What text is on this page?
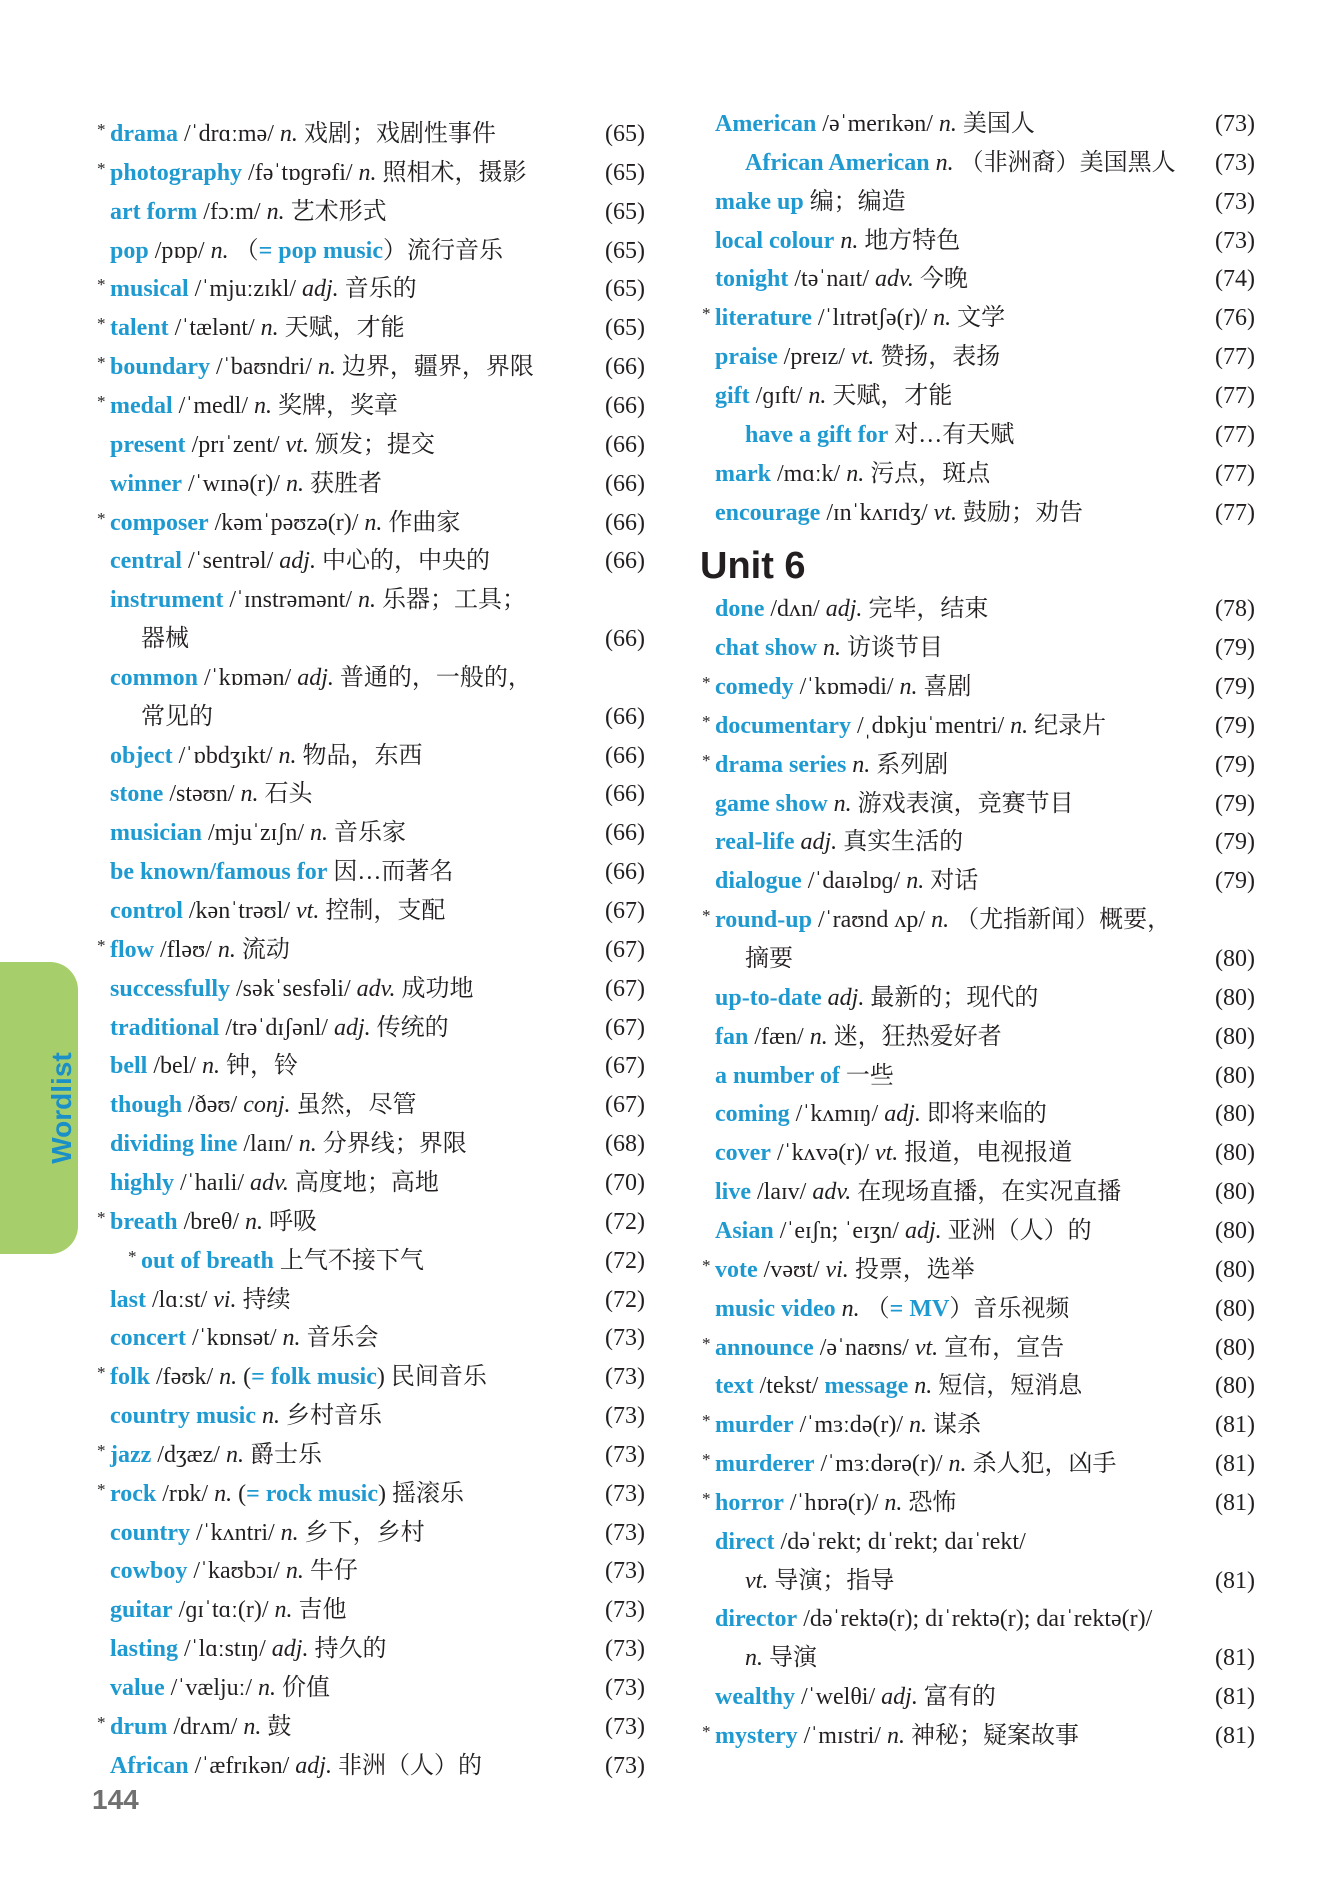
Wordlist
* drama /ˈdrɑːmə/ n. 戏剧；戏剧性事件	(65)
* photography /fəˈtɒɡrəfi/ n. 照相术，摄影	(65)
art form /fɔːm/ n. 艺术形式	(65)
pop /pɒp/ n. （= pop music）流行音乐	(65)
* musical /ˈmjuːzɪkl/ adj. 音乐的	(65)
* talent /ˈtælənt/ n. 天赋，才能	(65)
* boundary /ˈbaʊndri/ n. 边界，疆界，界限	(66)
* medal /ˈmedl/ n. 奖牌，奖章	(66)
present /prɪˈzent/ vt. 颁发；提交	(66)
winner /ˈwɪnə(r)/ n. 获胜者	(66)
* composer /kəmˈpəʊzə(r)/ n. 作曲家	(66)
central /ˈsentrəl/ adj. 中心的，中央的	(66)
instrument /ˈɪnstrəmənt/ n. 乐器；工具；
器械	(66)
common /ˈkɒmən/ adj. 普通的，一般的，
常见的	(66)
object /ˈɒbdʒɪkt/ n. 物品，东西	(66)
stone /stəʊn/ n. 石头	(66)
musician /mjuˈzɪʃn/ n. 音乐家	(66)
be known/famous for 因…而著名	(66)
control /kənˈtrəʊl/ vt. 控制，支配	(67)
* flow /fləʊ/ n. 流动	(67)
successfully /səkˈsesfəli/ adv. 成功地	(67)
traditional /trəˈdɪʃənl/ adj. 传统的	(67)
bell /bel/ n. 钟，铃	(67)
though /ðəʊ/ conj. 虽然，尽管	(67)
dividing line /laɪn/ n. 分界线；界限	(68)
highly /ˈhaɪli/ adv. 高度地；高地	(70)
* breath /breθ/ n. 呼吸	(72)
* out of breath 上气不接下气	(72)
last /lɑːst/ vi. 持续	(72)
concert /ˈkɒnsət/ n. 音乐会	(73)
* folk /fəʊk/ n. (= folk music) 民间音乐	(73)
country music n. 乡村音乐	(73)
* jazz /dʒæz/ n. 爵士乐	(73)
* rock /rɒk/ n. (= rock music) 摇滚乐	(73)
country /ˈkʌntri/ n. 乡下，乡村	(73)
cowboy /ˈkaʊbɔɪ/ n. 牛仔	(73)
guitar /ɡɪˈtɑː(r)/ n. 吉他	(73)
lasting /ˈlɑːstɪŋ/ adj. 持久的	(73)
value /ˈvæljuː/ n. 价值	(73)
* drum /drʌm/ n. 鼓	(73)
African /ˈæfrɪkən/ adj. 非洲（人）的	(73)
American /əˈmerɪkən/ n. 美国人	(73)
African American n. （非洲裔）美国黑人 (73)
make up 编；编造	(73)
local colour n. 地方特色	(73)
tonight /təˈnaɪt/ adv. 今晚	(74)
* literature /ˈlɪtrətʃə(r)/ n. 文学	(76)
praise /preɪz/ vt. 赞扬，表扬	(77)
gift /ɡɪft/ n. 天赋，才能	(77)
have a gift for 对…有天赋	(77)
mark /mɑːk/ n. 污点，斑点	(77)
encourage /ɪnˈkʌrɪdʒ/ vt. 鼓励；劝告	(77)
Unit 6
done /dʌn/ adj. 完毕，结束	(78)
chat show n. 访谈节目	(79)
* comedy /ˈkɒmədi/ n. 喜剧	(79)
* documentary /ˌdɒkjuˈmentri/ n. 纪录片	(79)
* drama series n. 系列剧	(79)
game show n. 游戏表演，竞赛节目	(79)
real-life adj. 真实生活的	(79)
dialogue /ˈdaɪəlɒɡ/ n. 对话	(79)
* round-up /ˈraʊnd ʌp/ n. （尤指新闻）概要，
摘要	(80)
up-to-date adj. 最新的；现代的	(80)
fan /fæn/ n. 迷，狂热爱好者	(80)
a number of 一些	(80)
coming /ˈkʌmɪŋ/ adj. 即将来临的	(80)
cover /ˈkʌvə(r)/ vt. 报道，电视报道	(80)
live /laɪv/ adv. 在现场直播，在实况直播	(80)
Asian /ˈeɪʃn; ˈeɪʒn/ adj. 亚洲（人）的	(80)
* vote /vəʊt/ vi. 投票，选举	(80)
music video n. （= MV）音乐视频	(80)
* announce /əˈnaʊns/ vt. 宣布，宣告	(80)
text /tekst/ message n. 短信，短消息	(80)
* murder /ˈmɜːdə(r)/ n. 谋杀	(81)
* murderer /ˈmɜːdərə(r)/ n. 杀人犯，凶手	(81)
* horror /ˈhɒrə(r)/ n. 恐怖	(81)
direct /dəˈrekt; dɪˈrekt; daɪˈrekt/
vt. 导演；指导	(81)
director /dəˈrektə(r); dɪˈrektə(r); daɪˈrektə(r)/
n. 导演	(81)
wealthy /ˈwelθi/ adj. 富有的	(81)
* mystery /ˈmɪstri/ n. 神秘；疑案故事	(81)
144
